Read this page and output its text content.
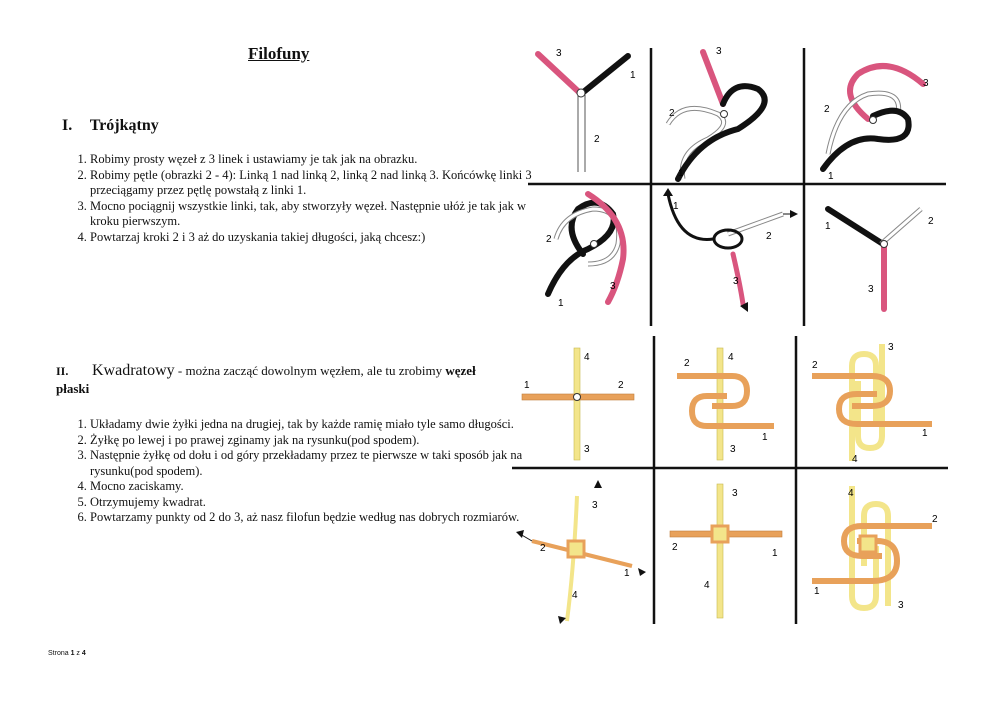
Filofuny
I. Trójkątny
1. Robimy prosty węzeł z 3 linek i ustawiamy je tak jak na obrazku.
2. Robimy pętle (obrazki 2 - 4): Linką 1 nad linką 2, linką 2 nad linką 3. Końcówkę linki 3 przeciągamy przez pętlę powstałą z linki 1.
3. Mocno pociągnij wszystkie linki, tak, aby stworzyły węzeł. Następnie ułóż je tak jak w kroku pierwszym.
4. Powtarzaj kroki 2 i 3 aż do uzyskania takiej długości, jaką chcesz:)
II. Kwadratowy - można zacząć dowolnym węzłem, ale tu zrobimy węzeł płaski
1. Układamy dwie żyłki jedna na drugiej, tak by każde ramię miało tyle samo długości.
2. Żyłkę po lewej i po prawej zginamy jak na rysunku(pod spodem).
3. Następnie żyłkę od dołu i od góry przekładamy przez te pierwsze w taki sposób jak na rysunku(pod spodem).
4. Mocno zaciskamy.
5. Otrzymujemy kwadrat.
6. Powtarzamy punkty od 2 do 3, aż nasz filofun będzie według nas dobrych rozmiarów.
Strona 1 z 4
3
1
2
3
2
1
3
2
1
2
3
1
1
2
3
1	2
3
4
1	2
3
2
4
1
3
3
2
1
4
2
3
1
4
3
2
1
4
4
2
1
3
